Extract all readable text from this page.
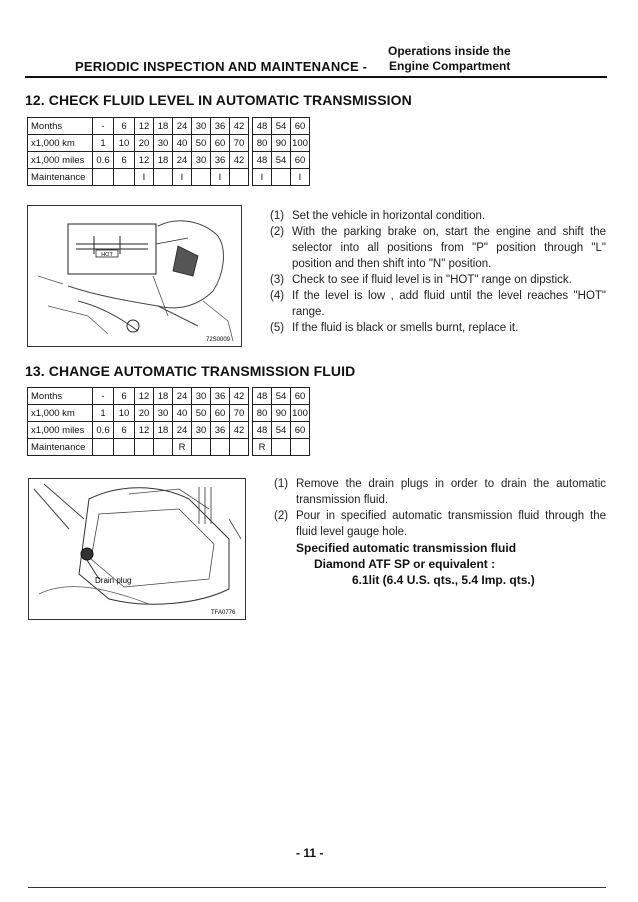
Operations inside the
PERIODIC INSPECTION AND MAINTENANCE - Engine Compartment
12. CHECK FLUID LEVEL IN AUTOMATIC TRANSMISSION
Months	-	6	12	18	24	30	36	42		48	54	60
x1,000 km	1	10	20	30	40	50	60	70		80	90	100
x1,000 miles	0.6	6	12	18	24	30	36	42		48	54	60
Maintenance			I		I		I			I		I
HOT
72S0009
(1) Set the vehicle in horizontal condition.
(2) With the parking brake on, start the engine and shift the selector into all positions from "P" position through "L" position and then shift into "N" position.
(3) Check to see if fluid level is in "HOT" range on dipstick.
(4) If the level is low , add fluid until the level reaches "HOT" range.
(5) If the fluid is black or smells burnt, replace it.
13. CHANGE AUTOMATIC TRANSMISSION FLUID
Months	-	6	12	18	24	30	36	42		48	54	60
x1,000 km	1	10	20	30	40	50	60	70		80	90	100
x1,000 miles	0.6	6	12	18	24	30	36	42		48	54	60
Maintenance					R					R		
Drain plug
TFA0776
(1) Remove the drain plugs in order to drain the automatic transmission fluid.
(2) Pour in specified automatic transmission fluid through the fluid level gauge hole.
Specified automatic transmission fluid
Diamond ATF SP or equivalent :
6.1lit (6.4 U.S. qts., 5.4 Imp. qts.)
- 11 -
